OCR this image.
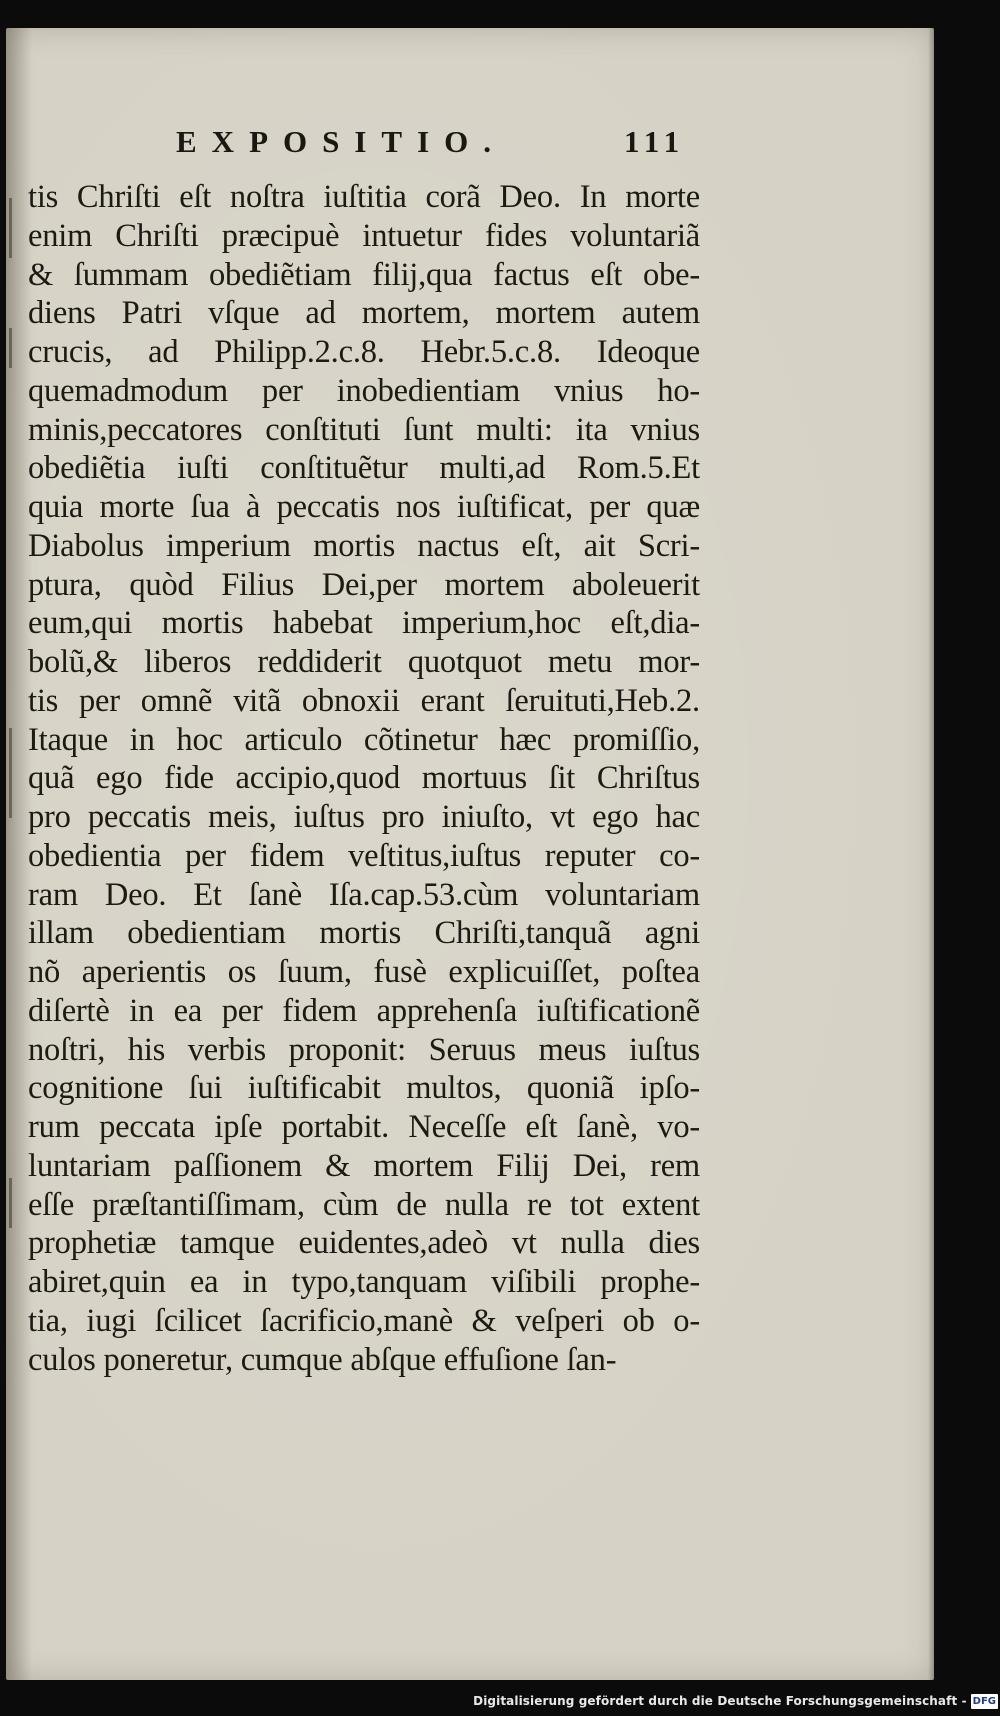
EXPOSITIO.	111
tis Chriſti eſt noſtra iuſtitia corã Deo. In morte
enim Chriſti præcipuè intuetur fides voluntariã
& ſummam obediẽtiam filij,qua factus eſt obe-
diens Patri vſque ad mortem, mortem autem
crucis, ad Philipp.2.c.8. Hebr.5.c.8. Ideoque
quemadmodum per inobedientiam vnius ho-
minis,peccatores conſtituti ſunt multi: ita vnius
obediẽtia iuſti conſtituẽtur multi,ad Rom.5.Et
quia morte ſua à peccatis nos iuſtificat, per quæ
Diabolus imperium mortis nactus eſt, ait Scri-
ptura, quòd Filius Dei,per mortem aboleuerit
eum,qui mortis habebat imperium,hoc eſt,dia-
bolũ,& liberos reddiderit quotquot metu mor-
tis per omnẽ vitã obnoxii erant ſeruituti,Heb.2.
Itaque in hoc articulo cõtinetur hæc promiſſio,
quã ego fide accipio,quod mortuus ſit Chriſtus
pro peccatis meis, iuſtus pro iniuſto, vt ego hac
obedientia per fidem veſtitus,iuſtus reputer co-
ram Deo. Et ſanè Iſa.cap.53.cùm voluntariam
illam obedientiam mortis Chriſti,tanquã agni
nõ aperientis os ſuum, fusè explicuiſſet, poſtea
diſertè in ea per fidem apprehenſa iuſtificationẽ
noſtri, his verbis proponit: Seruus meus iuſtus
cognitione ſui iuſtificabit multos, quoniã ipſo-
rum peccata ipſe portabit. Neceſſe eſt ſanè, vo-
luntariam paſſionem & mortem Filij Dei, rem
eſſe præſtantiſſimam, cùm de nulla re tot extent
prophetiæ tamque euidentes,adeò vt nulla dies
abiret,quin ea in typo,tanquam viſibili prophe-
tia, iugi ſcilicet ſacrificio,manè & veſperi ob o-
culos poneretur, cumque abſque effuſione ſan-
Digitalisierung gefördert durch die Deutsche Forschungsgemeinschaft - DFG
